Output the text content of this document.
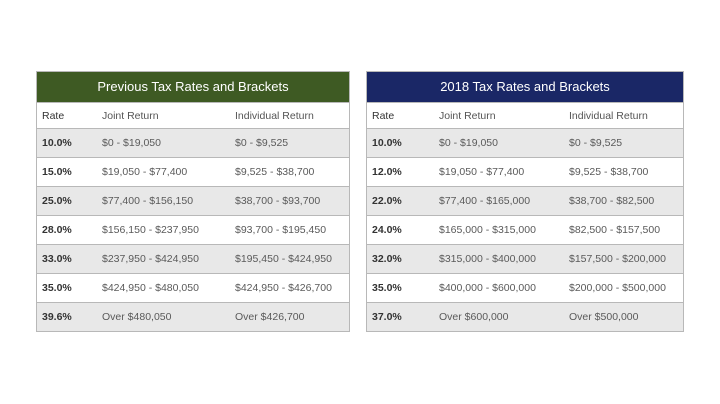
Previous Tax Rates and Brackets
Rate	Joint Return	Individual Return
10.0%	$0 - $19,050	$0 - $9,525
15.0%	$19,050 - $77,400	$9,525 - $38,700
25.0%	$77,400 - $156,150	$38,700 - $93,700
28.0%	$156,150 - $237,950	$93,700 - $195,450
33.0%	$237,950 - $424,950	$195,450 - $424,950
35.0%	$424,950 - $480,050	$424,950 - $426,700
39.6%	Over $480,050	Over $426,700
2018 Tax Rates and Brackets
Rate	Joint Return	Individual Return
10.0%	$0 - $19,050	$0 - $9,525
12.0%	$19,050 - $77,400	$9,525 - $38,700
22.0%	$77,400 - $165,000	$38,700 - $82,500
24.0%	$165,000 - $315,000	$82,500 - $157,500
32.0%	$315,000 - $400,000	$157,500 - $200,000
35.0%	$400,000 - $600,000	$200,000 - $500,000
37.0%	Over $600,000	Over $500,000
